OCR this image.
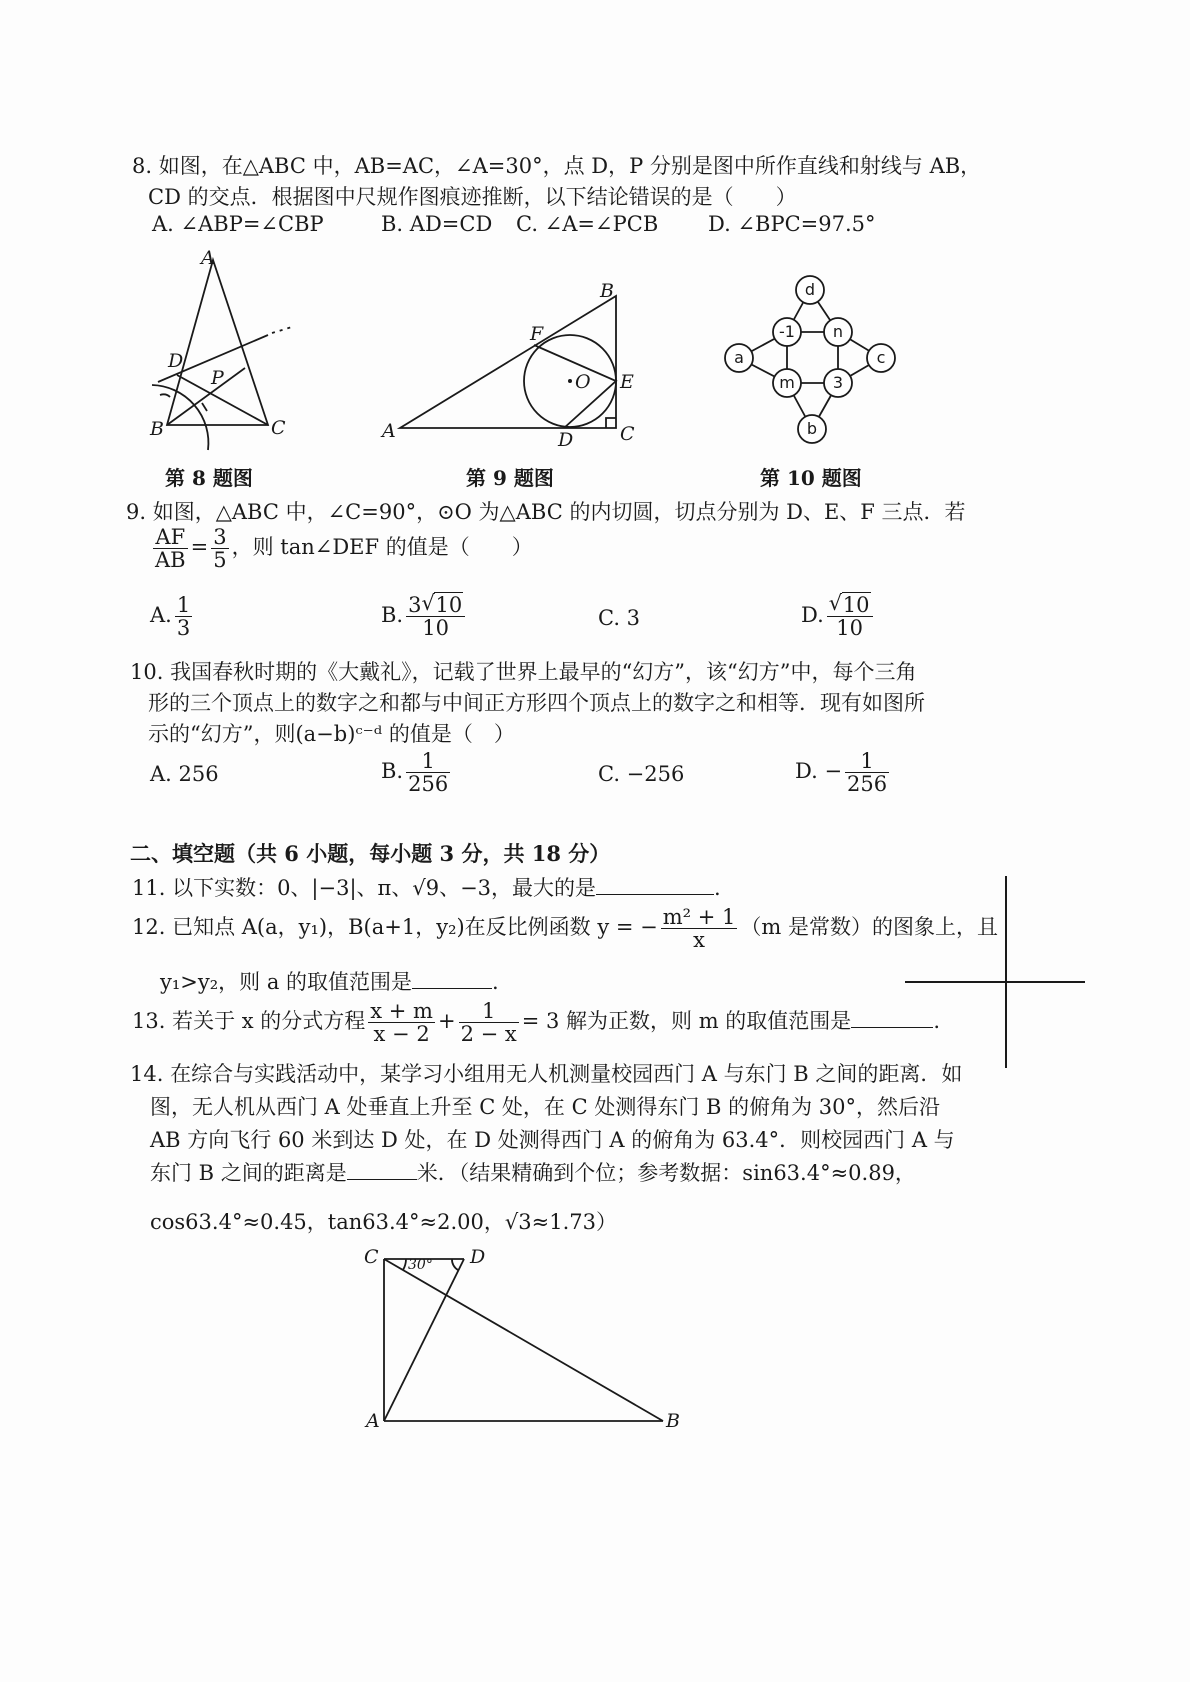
8. 如图，在△ABC 中，AB=AC，∠A=30°，点 D，P 分别是图中所作直线和射线与 AB，
CD 的交点．根据图中尺规作图痕迹推断，以下结论错误的是（　　）
A. ∠ABP=∠CBP	B. AD=CD C. ∠A=∠PCB D. ∠BPC=97.5°
A
D
P
B	C
B
F
O E
A	D C
d
-1 n
a	c
m 3
b
第 8 题图	第 9 题图	第 10 题图
9. 如图，△ABC 中，∠C=90°，⊙O 为△ABC 的内切圆，切点分别为 D、E、F 三点．若
$\frac{AF}{AB} = \frac{3}{5}$ ，则 tan∠DEF 的值是（　　）
A. $\frac{1}{3}$	B. $\frac{3 √ 10}{10}$	C. 3	D. √ $\frac{10}{10}$
10. 我国春秋时期的《大戴礼》，记载了世界上最早的“幻方”，该“幻方”中，每个三角
形的三个顶点上的数字之和都与中间正方形四个顶点上的数字之和相等．现有如图所
示的“幻方”，则(a−b)ᶜ⁻ᵈ 的值是（　）
A. 256	B. $\frac{1}{256}$	C. −256	D. − $\frac{1}{256}$
二、填空题（共 6 小题，每小题 3 分，共 18 分）
11. 以下实数：0、|−3|、π、√9、−3，最大的是	.
12. 已知点 A(a，y₁)，B(a+1，y₂)在反比例函数 y = − $\frac{\text{m² + 1}}{x} (m$ 是常数）的图象上，且
y₁>y₂，则 a 的取值范围是	.
13. 若关于 x 的分式方程 $\frac{x + m}{x - 2} + \frac{1}{2 - x} = 3$ 解为正数，则 m 的取值范围是	.
14. 在综合与实践活动中，某学习小组用无人机测量校园西门 A 与东门 B 之间的距离．如
图，无人机从西门 A 处垂直上升至 C 处，在 C 处测得东门 B 的俯角为 30°，然后沿
AB 方向飞行 60 米到达 D 处，在 D 处测得西门 A 的俯角为 63.4°．则校园西门 A 与
东门 B 之间的距离是	米．（结果精确到个位；参考数据：sin63.4°≈0.89，
cos63.4°≈0.45，tan63.4°≈2.00，√3≈1.73）
C 30° D
A	B
